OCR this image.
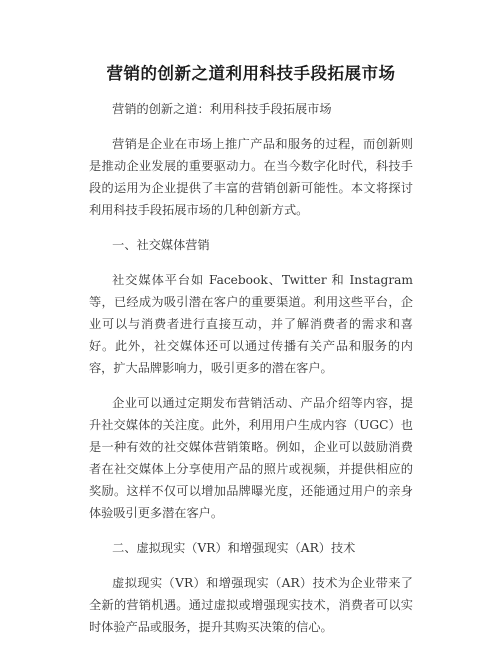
营销的创新之道利用科技手段拓展市场

营销的创新之道：利用科技手段拓展市场

营销是企业在市场上推广产品和服务的过程，而创新则是推动企业发展的重要驱动力。在当今数字化时代，科技手段的运用为企业提供了丰富的营销创新可能性。本文将探讨利用科技手段拓展市场的几种创新方式。

一、社交媒体营销

社交媒体平台如 Facebook、Twitter 和 Instagram 等，已经成为吸引潜在客户的重要渠道。利用这些平台，企业可以与消费者进行直接互动，并了解消费者的需求和喜好。此外，社交媒体还可以通过传播有关产品和服务的内容，扩大品牌影响力，吸引更多的潜在客户。

企业可以通过定期发布营销活动、产品介绍等内容，提升社交媒体的关注度。此外，利用用户生成内容（UGC）也是一种有效的社交媒体营销策略。例如，企业可以鼓励消费者在社交媒体上分享使用产品的照片或视频，并提供相应的奖励。这样不仅可以增加品牌曝光度，还能通过用户的亲身体验吸引更多潜在客户。

二、虚拟现实（VR）和增强现实（AR）技术

虚拟现实（VR）和增强现实（AR）技术为企业带来了全新的营销机遇。通过虚拟或增强现实技术，消费者可以实时体验产品或服务，提升其购买决策的信心。
